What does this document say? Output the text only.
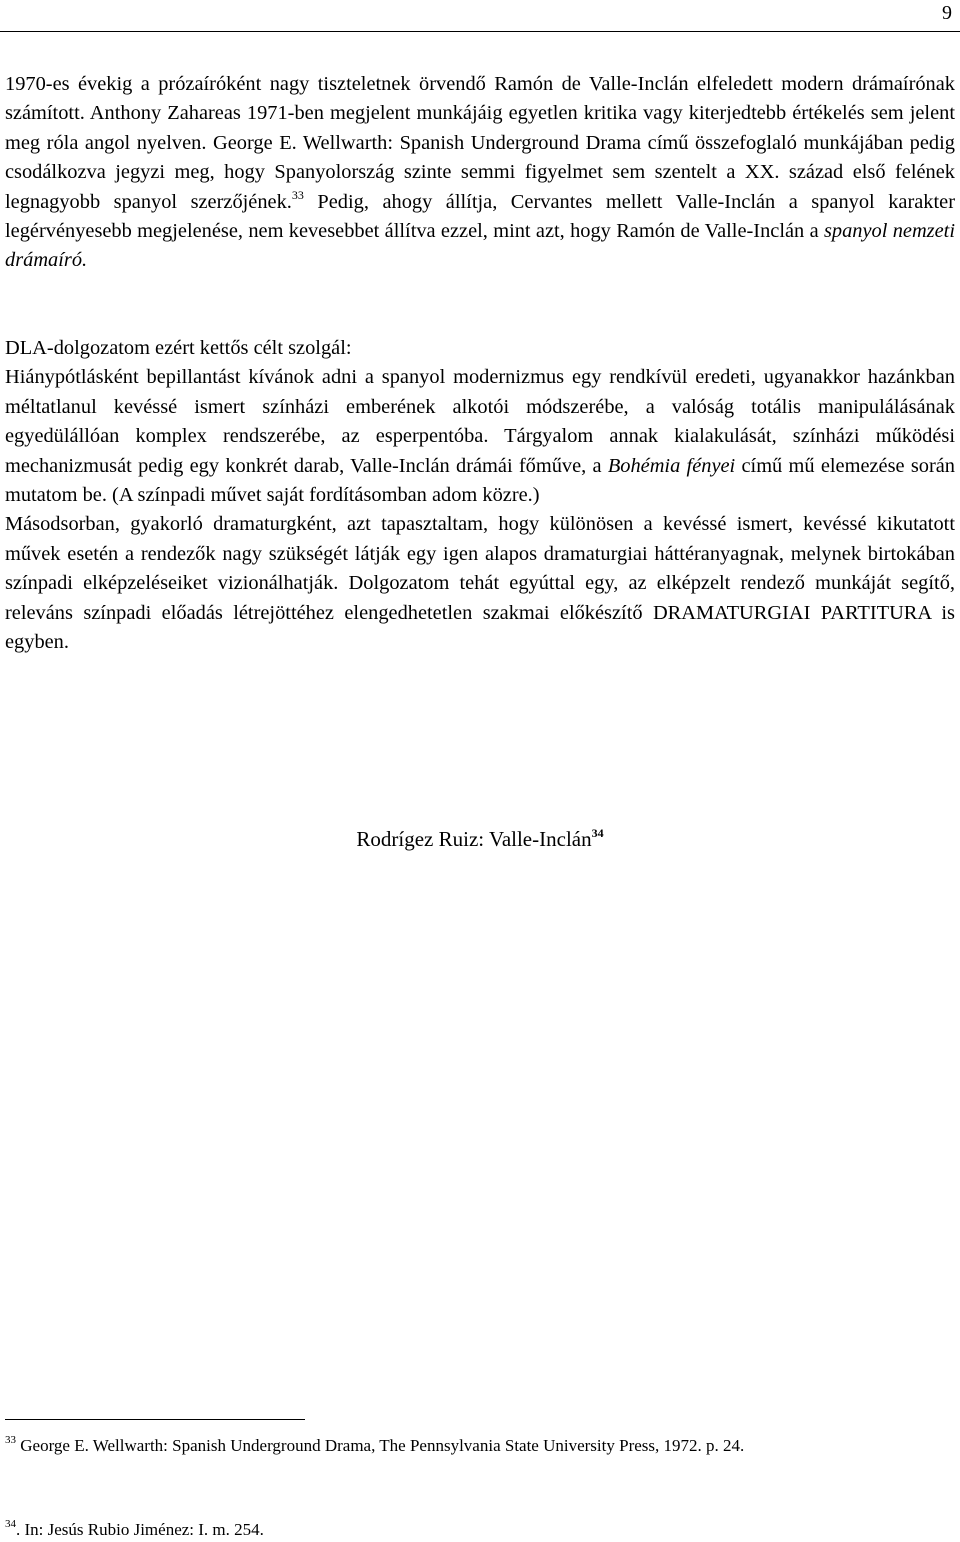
9

1970-es évekig a prózaíróként nagy tiszteletnek örvendő Ramón de Valle-Inclán elfeledett modern drámaírónak számított. Anthony Zahareas 1971-ben megjelent munkájáig egyetlen kritika vagy kiterjedtebb értékelés sem jelent meg róla angol nyelven. George E. Wellwarth: Spanish Underground Drama című összefoglaló munkájában pedig csodálkozva jegyzi meg, hogy Spanyolország szinte semmi figyelmet sem szentelt a XX. század első felének legnagyobb spanyol szerzőjének.$^{33}$ Pedig, ahogy állítja, Cervantes mellett Valle-Inclán a spanyol karakter legérvényesebb megjelenése, nem kevesebbet állítva ezzel, mint azt, hogy Ramón de Valle-Inclán a spanyol nemzeti drámaíró.

DLA-dolgozatom ezért kettős célt szolgál:

Hiánypótlásként bepillantást kívánok adni a spanyol modernizmus egy rendkívül eredeti, ugyanakkor hazánkban méltatlanul kevéssé ismert színházi emberének alkotói módszerébe, a valóság totális manipulálásának egyedülállóan komplex rendszerébe, az esperpentóba. Tárgyalom annak kialakulását, színházi működési mechanizmusát pedig egy konkrét darab, Valle-Inclán drámái főműve, a Bohémia fényei című mű elemezése során mutatom be. (A színpadi művet saját fordításomban adom közre.)

Másodsorban, gyakorló dramaturgként, azt tapasztaltam, hogy különösen a kevéssé ismert, kevéssé kikutatott művek esetén a rendezők nagy szükségét látják egy igen alapos dramaturgiai háttéranyagnak, melynek birtokában színpadi elképzeléseiket vizionálhatják. Dolgozatom tehát egyúttal egy, az elképzelt rendező munkáját segítő, releváns színpadi előadás létrejöttéhez elengedhetetlen szakmai előkészítő DRAMATURGIAI PARTITURA is egyben.

Rodrígez Ruiz: Valle-Inclán$^{34}$
$^{33}$ George E. Wellwarth: Spanish Underground Drama, The Pennsylvania State University Press, 1972. p. 24.
$^{34}$. In: Jesús Rubio Jiménez: I. m. 254.
